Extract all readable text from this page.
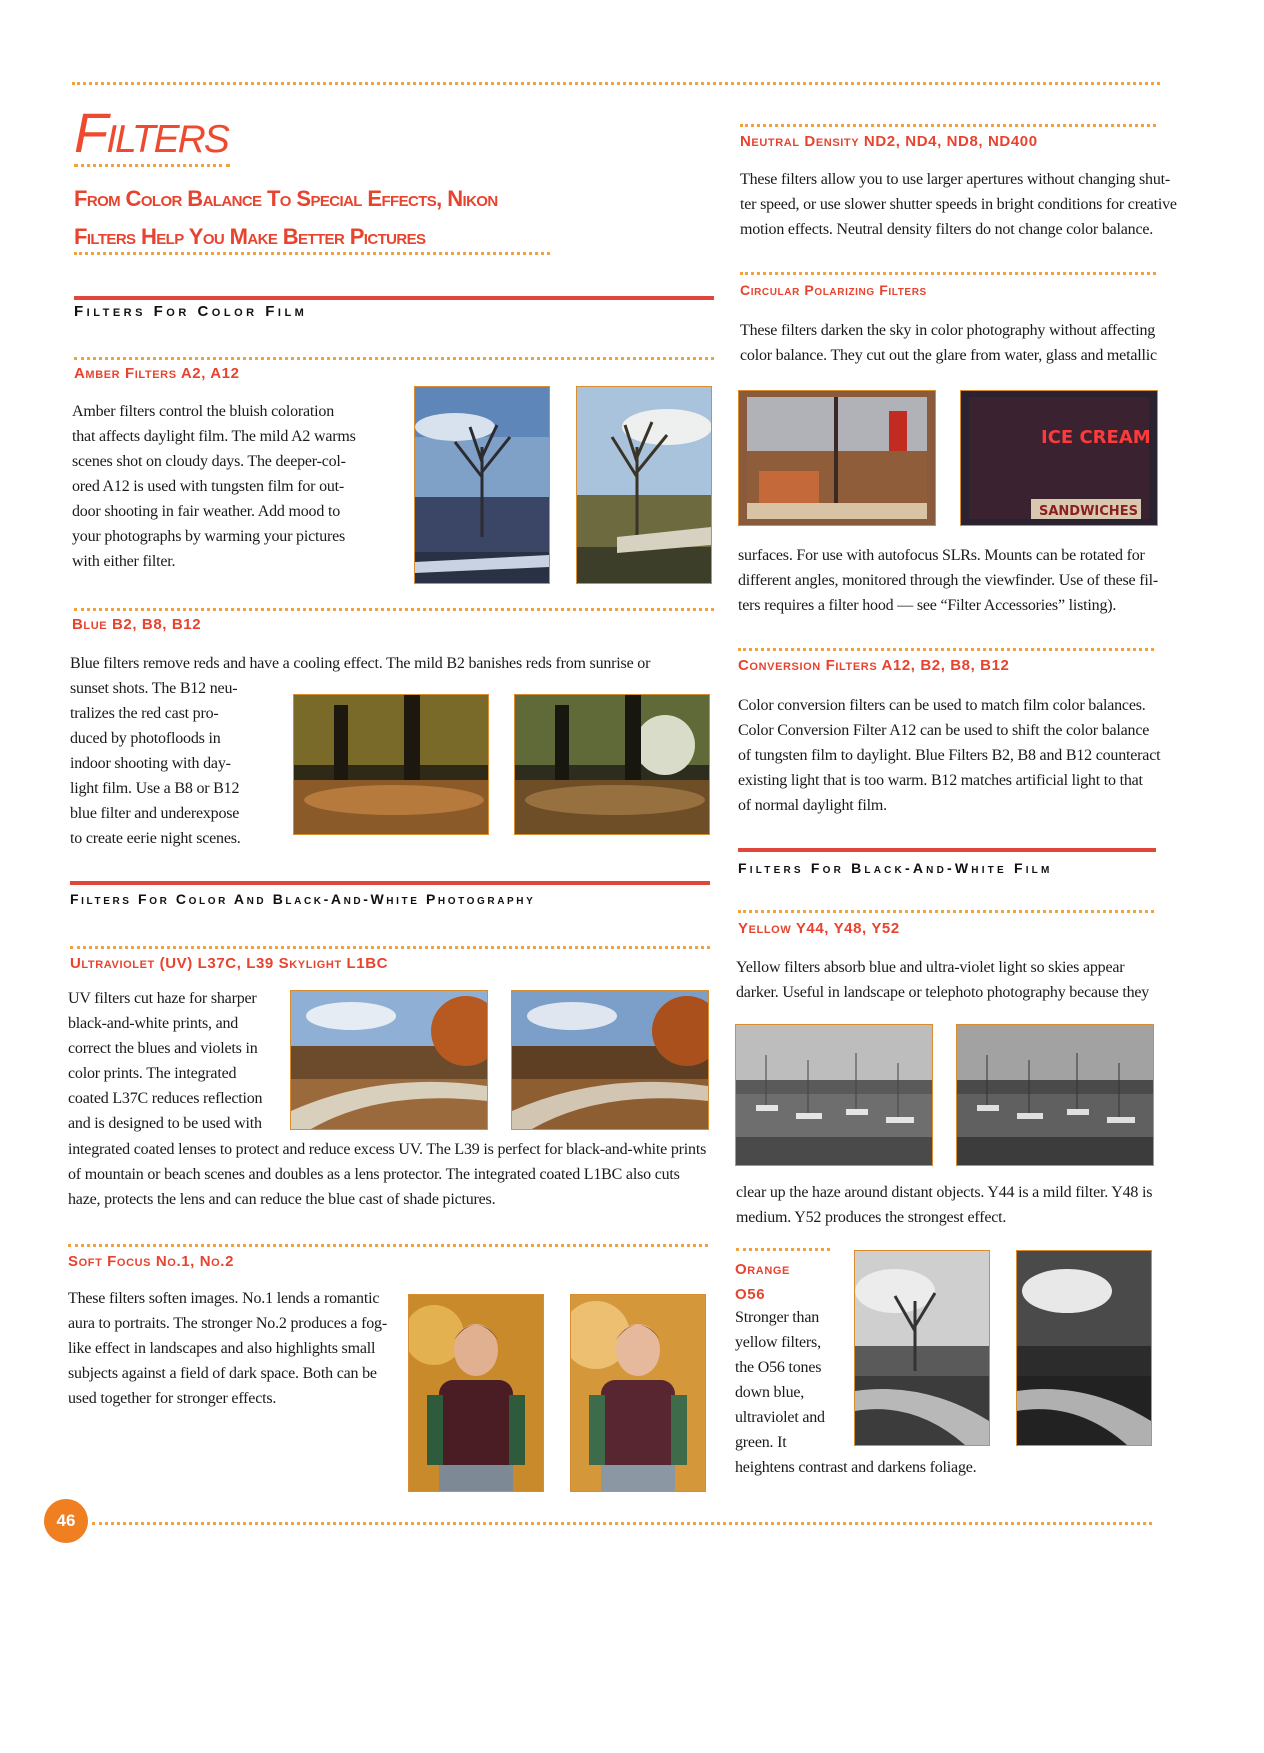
Filters
From Color Balance To Special Effects, Nikon
Filters Help You Make Better Pictures
Filters For Color Film
Amber Filters A2, A12
Amber filters control the bluish coloration
that affects daylight film. The mild A2 warms
scenes shot on cloudy days. The deeper-col-
ored A12 is used with tungsten film for out-
door shooting in fair weather. Add mood to
your photographs by warming your pictures
with either filter.
Blue B2, B8, B12
Blue filters remove reds and have a cooling effect. The mild B2 banishes reds from sunrise or
sunset shots. The B12 neu-
tralizes the red cast pro-
duced by photofloods in
indoor shooting with day-
light film. Use a B8 or B12
blue filter and underexpose
to create eerie night scenes.
Filters For Color And Black-And-White Photography
Ultraviolet (UV) L37C, L39 Skylight L1BC
UV filters cut haze for sharper
black-and-white prints, and
correct the blues and violets in
color prints. The integrated
coated L37C reduces reflection
and is designed to be used with
integrated coated lenses to protect and reduce excess UV. The L39 is perfect for black-and-white prints
of mountain or beach scenes and doubles as a lens protector. The integrated coated L1BC also cuts
haze, protects the lens and can reduce the blue cast of shade pictures.
Soft Focus No.1, No.2
These filters soften images. No.1 lends a romantic
aura to portraits. The stronger No.2 produces a fog-
like effect in landscapes and also highlights small
subjects against a field of dark space. Both can be
used together for stronger effects.
Neutral Density ND2, ND4, ND8, ND400
These filters allow you to use larger apertures without changing shut-
ter speed, or use slower shutter speeds in bright conditions for creative
motion effects. Neutral density filters do not change color balance.
Circular Polarizing Filters
These filters darken the sky in color photography without affecting
color balance. They cut out the glare from water, glass and metallic
ICE CREAM
SANDWICHES
surfaces. For use with autofocus SLRs. Mounts can be rotated for
different angles, monitored through the viewfinder. Use of these fil-
ters requires a filter hood — see “Filter Accessories” listing).
Conversion Filters A12, B2, B8, B12
Color conversion filters can be used to match film color balances.
Color Conversion Filter A12 can be used to shift the color balance
of tungsten film to daylight. Blue Filters B2, B8 and B12 counteract
existing light that is too warm. B12 matches artificial light to that
of normal daylight film.
Filters For Black-And-White Film
Yellow Y44, Y48, Y52
Yellow filters absorb blue and ultra-violet light so skies appear
darker. Useful in landscape or telephoto photography because they
clear up the haze around distant objects. Y44 is a mild filter. Y48 is
medium. Y52 produces the strongest effect.
Orange
O56
Stronger than
yellow filters,
the O56 tones
down blue,
ultraviolet and
green. It
heightens contrast and darkens foliage.
46
